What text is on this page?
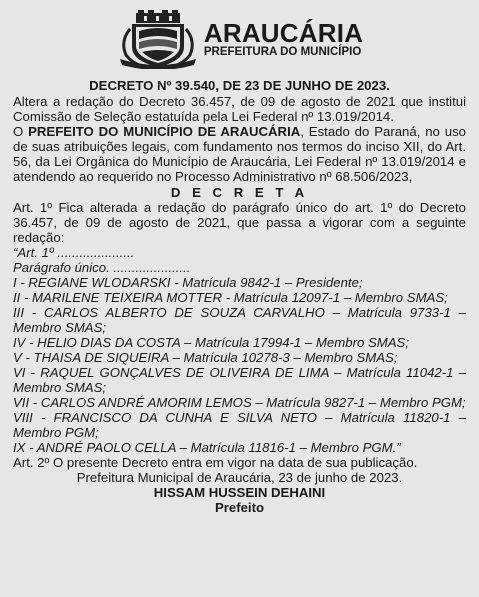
ARAUCÁRIA
PREFEITURA DO MUNICÍPIO
DECRETO Nº 39.540, DE 23 DE JUNHO DE 2023.

Altera a redação do Decreto 36.457, de 09 de agosto de 2021 que institui Comissão de Seleção estatuída pela Lei Federal nº 13.019/2014.

O PREFEITO DO MUNICÍPIO DE ARAUCÁRIA, Estado do Paraná, no uso de suas atribuições legais, com fundamento nos termos do inciso XII, do Art. 56, da Lei Orgânica do Município de Araucária, Lei Federal nº 13.019/2014 e atendendo ao requerido no Processo Administrativo nº 68.506/2023,

D E C R E T A

Art. 1º Fica alterada a redação do parágrafo único do art. 1º do Decreto 36.457, de 09 de agosto de 2021, que passa a vigorar com a seguinte redação:

“Art. 1º .....................

Parágrafo único. .....................

I - REGIANE WLODARSKI - Matrícula 9842-1 – Presidente;

II - MARILENE TEIXEIRA MOTTER - Matrícula 12097-1 – Membro SMAS;

III - CARLOS ALBERTO DE SOUZA CARVALHO – Matrícula 9733-1 – Membro SMAS;

IV - HELIO DIAS DA COSTA – Matrícula 17994-1 – Membro SMAS;

V - THAISA DE SIQUEIRA – Matrícula 10278-3 – Membro SMAS;

VI - RAQUEL GONÇALVES DE OLIVEIRA DE LIMA – Matrícula 11042-1 – Membro SMAS;

VII - CARLOS ANDRÉ AMORIM LEMOS – Matrícula 9827-1 – Membro PGM;

VIII - FRANCISCO DA CUNHA E SILVA NETO – Matrícula 11820-1 – Membro PGM;

IX - ANDRÉ PAOLO CELLA – Matrícula 11816-1 – Membro PGM.”

Art. 2º O presente Decreto entra em vigor na data de sua publicação.

Prefeitura Municipal de Araucária, 23 de junho de 2023.

HISSAM HUSSEIN DEHAINI

Prefeito
